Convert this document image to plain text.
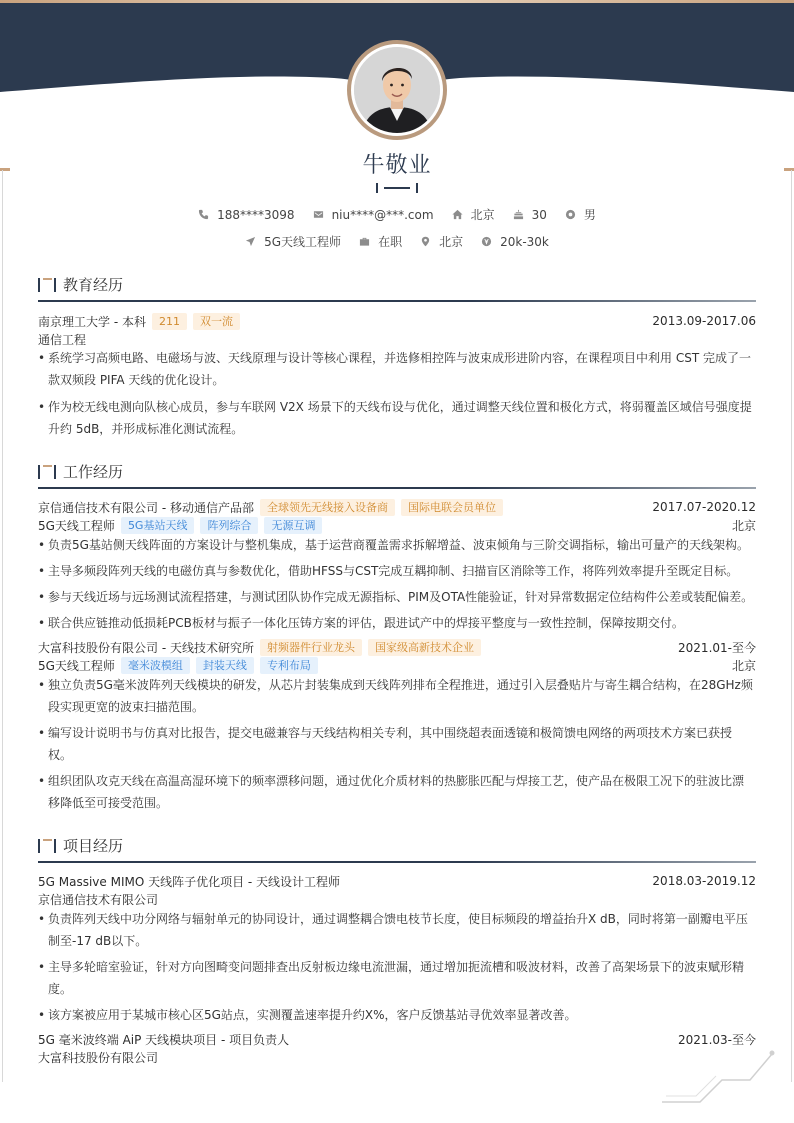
牛敬业
188****3098	niu****@***.com	北京	30	男
5G天线工程师	在职	北京	20k-30k
教育经历
南京理工大学 - 本科	211	双一流	2013.09-2017.06
通信工程
• 系统学习高频电路、电磁场与波、天线原理与设计等核心课程，并选修相控阵与波束成形进阶内容，在课程项目中利用 CST 完成了一
款双频段 PIFA 天线的优化设计。
• 作为校无线电测向队核心成员，参与车联网 V2X 场景下的天线布设与优化，通过调整天线位置和极化方式，将弱覆盖区域信号强度提
升约 5dB，并形成标准化测试流程。
工作经历
京信通信技术有限公司 - 移动通信产品部	全球领先无线接入设备商	国际电联会员单位	2017.07-2020.12
5G天线工程师	5G基站天线	阵列综合	无源互调	北京
• 负责5G基站侧天线阵面的方案设计与整机集成，基于运营商覆盖需求拆解增益、波束倾角与三阶交调指标，输出可量产的天线架构。
• 主导多频段阵列天线的电磁仿真与参数优化，借助HFSS与CST完成互耦抑制、扫描盲区消除等工作，将阵列效率提升至既定目标。
• 参与天线近场与远场测试流程搭建，与测试团队协作完成无源指标、PIM及OTA性能验证，针对异常数据定位结构件公差或装配偏差。
• 联合供应链推动低损耗PCB板材与振子一体化压铸方案的评估，跟进试产中的焊接平整度与一致性控制，保障按期交付。
大富科技股份有限公司 - 天线技术研究所	射频器件行业龙头	国家级高新技术企业	2021.01-至今
5G天线工程师	毫米波模组	封装天线	专利布局	北京
• 独立负责5G毫米波阵列天线模块的研发，从芯片封装集成到天线阵列排布全程推进，通过引入层叠贴片与寄生耦合结构，在28GHz频
段实现更宽的波束扫描范围。
• 编写设计说明书与仿真对比报告，提交电磁兼容与天线结构相关专利，其中围绕超表面透镜和极简馈电网络的两项技术方案已获授
权。
• 组织团队攻克天线在高温高湿环境下的频率漂移问题，通过优化介质材料的热膨胀匹配与焊接工艺，使产品在极限工况下的驻波比漂
移降低至可接受范围。
项目经历
5G Massive MIMO 天线阵子优化项目 - 天线设计工程师	2018.03-2019.12
京信通信技术有限公司
• 负责阵列天线中功分网络与辐射单元的协同设计，通过调整耦合馈电枝节长度，使目标频段的增益抬升X dB，同时将第一副瓣电平压
制至-17 dB以下。
• 主导多轮暗室验证，针对方向图畸变问题排查出反射板边缘电流泄漏，通过增加扼流槽和吸波材料，改善了高架场景下的波束赋形精
度。
• 该方案被应用于某城市核心区5G站点，实测覆盖速率提升约X%，客户反馈基站寻优效率显著改善。
5G 毫米波终端 AiP 天线模块项目 - 项目负责人	2021.03-至今
大富科技股份有限公司
